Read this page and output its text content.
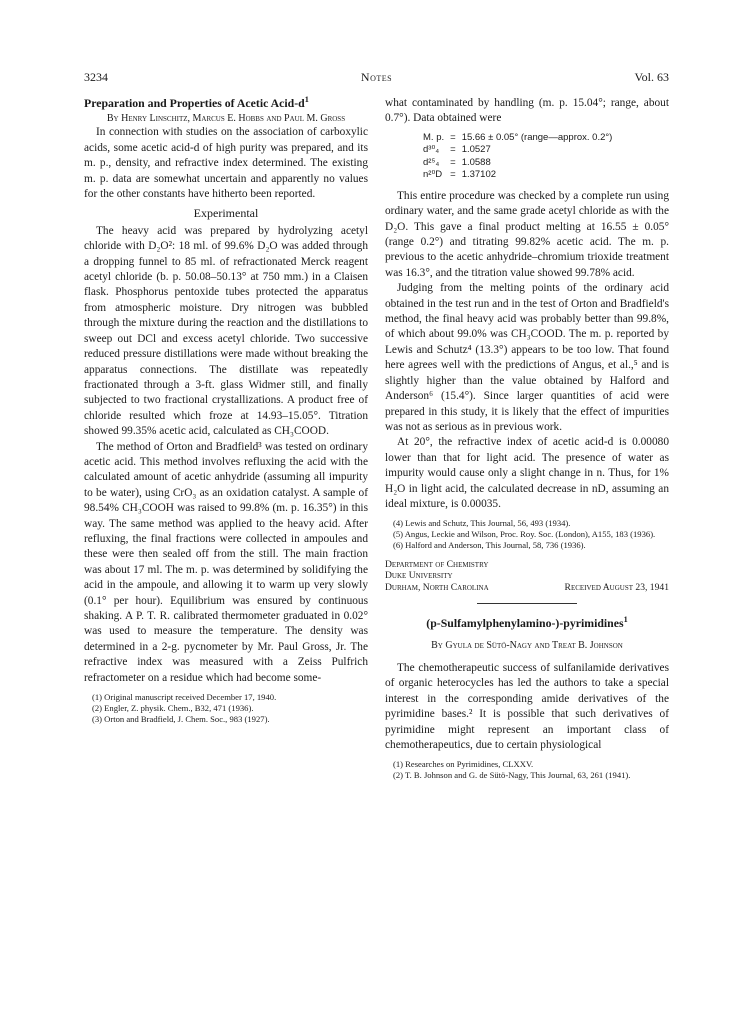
3234	Notes	Vol. 63

Preparation and Properties of Acetic Acid-$d^1$

By Henry Linschitz, Marcus E. Hobbs and Paul M. Gross

In connection with studies on the association of carboxylic acids, some acetic acid-d of high purity was prepared, and its m. p., density, and refractive index determined. The existing m. p. data are somewhat uncertain and apparently no values for the other constants have hitherto been reported.

Experimental

The heavy acid was prepared by hydrolyzing acetyl chloride with D₂O²: 18 ml. of 99.6% D₂O was added through a dropping funnel to 85 ml. of refractionated Merck reagent acetyl chloride (b. p. 50.08–50.13° at 750 mm.) in a Claisen flask. Phosphorus pentoxide tubes protected the apparatus from atmospheric moisture. Dry nitrogen was bubbled through the mixture during the reaction and the distillations to sweep out DCl and excess acetyl chloride. Two successive reduced pressure distillations were made without breaking the apparatus connections. The distillate was repeatedly fractionated through a 3-ft. glass Widmer still, and finally subjected to two fractional crystallizations. A product free of chloride resulted which froze at 14.93–15.05°. Titration showed 99.35% acetic acid, calculated as CH₃COOD.

The method of Orton and Bradfield³ was tested on ordinary acetic acid. This method involves refluxing the acid with the calculated amount of acetic anhydride (assuming all impurity to be water), using CrO₃ as an oxidation catalyst. A sample of 98.54% CH₃COOH was raised to 99.8% (m. p. 16.35°) in this way. The same method was applied to the heavy acid. After refluxing, the final fractions were collected in ampoules and these were then sealed off from the still. The main fraction was about 17 ml. The m. p. was determined by solidifying the acid in the ampoule, and allowing it to warm up very slowly (0.1° per hour). Equilibrium was ensured by continuous shaking. A P. T. R. calibrated thermometer graduated in 0.02° was used to measure the temperature. The density was determined in a 2-g. pycnometer by Mr. Paul Gross, Jr. The refractive index was measured with a Zeiss Pulfrich refractometer on a residue which had become some-

(1) Original manuscript received December 17, 1940.
(2) Engler, Z. physik. Chem., B32, 471 (1936).
(3) Orton and Bradfield, J. Chem. Soc., 983 (1927).

what contaminated by handling (m. p. 15.04°; range, about 0.7°). Data obtained were

M. p.	=	15.66 ± 0.05° (range—approx. 0.2°)
d³⁰₄	=	1.0527
d²⁵₄	=	1.0588
n²⁰D	=	1.37102

This entire procedure was checked by a complete run using ordinary water, and the same grade acetyl chloride as with the D₂O. This gave a final product melting at 16.55 ± 0.05° (range 0.2°) and titrating 99.82% acetic acid. The m. p. previous to the acetic anhydride–chromium trioxide treatment was 16.3°, and the titration value showed 99.78% acid.

Judging from the melting points of the ordinary acid obtained in the test run and in the test of Orton and Bradfield's method, the final heavy acid was probably better than 99.8%, of which about 99.0% was CH₃COOD. The m. p. reported by Lewis and Schutz⁴ (13.3°) appears to be too low. That found here agrees well with the predictions of Angus, et al.,⁵ and is slightly higher than the value obtained by Halford and Anderson⁶ (15.4°). Since larger quantities of acid were prepared in this study, it is likely that the effect of impurities was not as serious as in previous work.

At 20°, the refractive index of acetic acid-d is 0.00080 lower than that for light acid. The presence of water as impurity would cause only a slight change in n. Thus, for 1% H₂O in light acid, the calculated decrease in nD, assuming an ideal mixture, is 0.00035.

(4) Lewis and Schutz, This Journal, 56, 493 (1934).
(5) Angus, Leckie and Wilson, Proc. Roy. Soc. (London), A155, 183 (1936).
(6) Halford and Anderson, This Journal, 58, 736 (1936).
Department of Chemistry
Duke University
Durham, North Carolina	Received August 23, 1941
(p-Sulfamylphenylamino-)-pyrimidines$^1$
By Gyula de Sütö-Nagy and Treat B. Johnson

The chemotherapeutic success of sulfanilamide derivatives of organic heterocycles has led the authors to take a special interest in the corresponding amide derivatives of the pyrimidine bases.² It is possible that such derivatives of pyrimidine might represent an important class of chemotherapeutics, due to certain physiological

(1) Researches on Pyrimidines, CLXXV.
(2) T. B. Johnson and G. de Sütö-Nagy, This Journal, 63, 261 (1941).
